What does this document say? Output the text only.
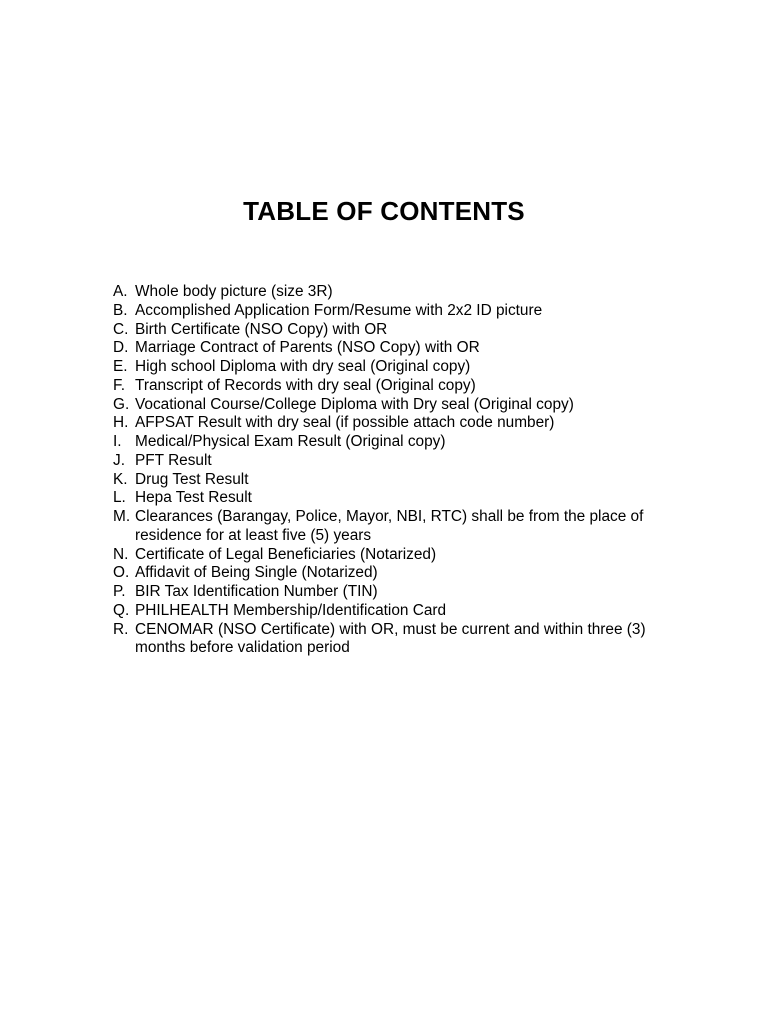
TABLE OF CONTENTS
A. Whole body picture (size 3R)
B. Accomplished Application Form/Resume with 2x2 ID picture
C. Birth Certificate (NSO Copy) with OR
D. Marriage Contract of Parents (NSO Copy) with OR
E. High school Diploma with dry seal (Original copy)
F. Transcript of Records with dry seal (Original copy)
G. Vocational Course/College Diploma with Dry seal (Original copy)
H. AFPSAT Result with dry seal (if possible attach code number)
I. Medical/Physical Exam Result (Original copy)
J. PFT Result
K. Drug Test Result
L. Hepa Test Result
M. Clearances (Barangay, Police, Mayor, NBI, RTC) shall be from the place of residence for at least five (5) years
N. Certificate of Legal Beneficiaries (Notarized)
O. Affidavit of Being Single (Notarized)
P. BIR Tax Identification Number (TIN)
Q. PHILHEALTH Membership/Identification Card
R. CENOMAR (NSO Certificate) with OR, must be current and within three (3) months before validation period
